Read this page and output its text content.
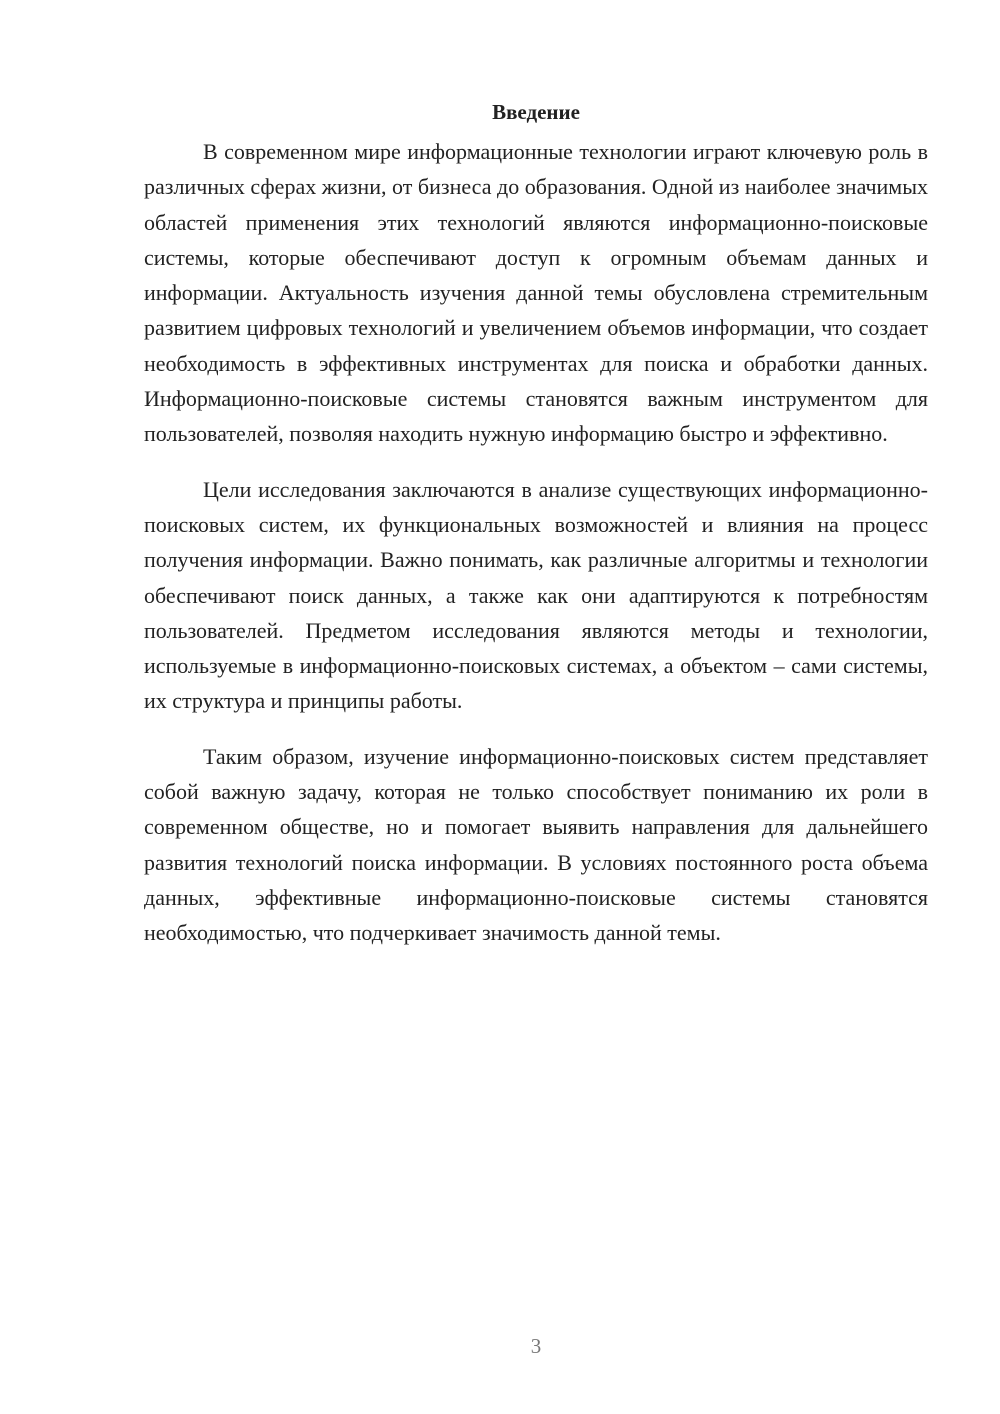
Введение

В современном мире информационные технологии играют ключевую роль в различных сферах жизни, от бизнеса до образования. Одной из наиболее значимых областей применения этих технологий являются информационно-поисковые системы, которые обеспечивают доступ к огромным объемам данных и информации. Актуальность изучения данной темы обусловлена стремительным развитием цифровых технологий и увеличением объемов информации, что создает необходимость в эффективных инструментах для поиска и обработки данных. Информационно-поисковые системы становятся важным инструментом для пользователей, позволяя находить нужную информацию быстро и эффективно.

Цели исследования заключаются в анализе существующих информационно-поисковых систем, их функциональных возможностей и влияния на процесс получения информации. Важно понимать, как различные алгоритмы и технологии обеспечивают поиск данных, а также как они адаптируются к потребностям пользователей. Предметом исследования являются методы и технологии, используемые в информационно-поисковых системах, а объектом – сами системы, их структура и принципы работы.

Таким образом, изучение информационно-поисковых систем представляет собой важную задачу, которая не только способствует пониманию их роли в современном обществе, но и помогает выявить направления для дальнейшего развития технологий поиска информации. В условиях постоянного роста объема данных, эффективные информационно-поисковые системы становятся необходимостью, что подчеркивает значимость данной темы.

3
